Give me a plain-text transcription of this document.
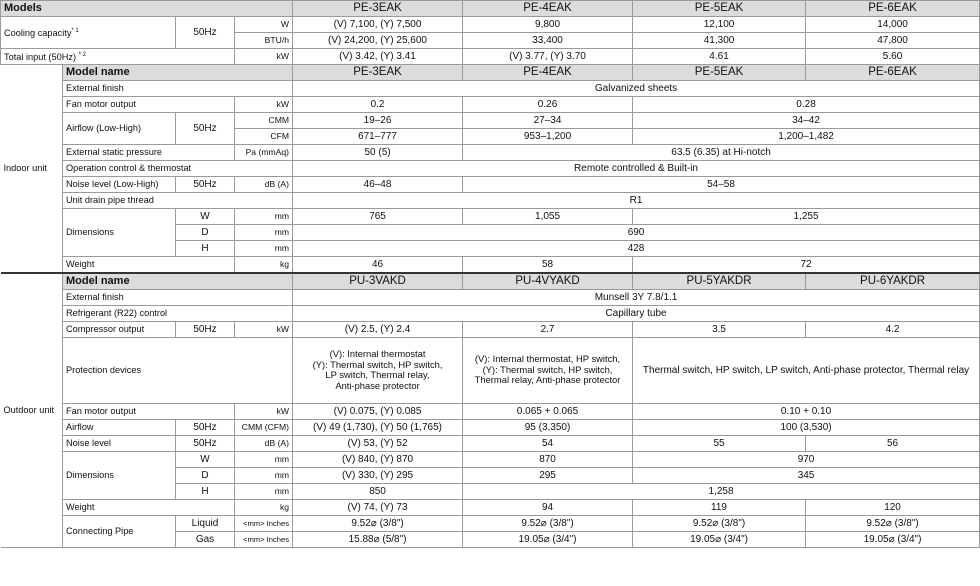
Models				PE-3EAK	PE-4EAK	PE-5EAK	PE-6EAK
Cooling capacity$^{* 1}$		50Hz	W	(V) 7,100, (Y) 7,500	9,800	12,100	14,000
			BTU/h	(V) 24,200, (Y) 25,600	33,400	41,300	47,800
Total input (50Hz) $^{* 2}$			kW	(V) 3.42, (Y) 3.41	(V) 3.77, (Y) 3.70	4.61	5.60
Indoor unit	Model name			PE-3EAK	PE-4EAK	PE-5EAK	PE-6EAK
	External finish			Galvanized sheets			
	Fan motor output		kW	0.2	0.26	0.28	
	Airflow (Low-High)	50Hz	CMM	19–26	27–34	34–42	
			CFM	671–777	953–1,200	1,200–1,482	
	External static pressure		Pa (mmAq)	50 (5)	63.5 (6.35) at Hi-notch		
	Operation control & thermostat			Remote controlled & Built-in			
	Noise level (Low-High)	50Hz	dB (A)	46–48	54–58		
	Unit drain pipe thread			R1			
	Dimensions	W	mm	765	1,055	1,255	
		D	mm	690			
		H	mm	428			
	Weight		kg	46	58	72	

Outdoor unit	Model name			PU-3VAKD	PU-4VYAKD	PU-5YAKDR	PU-6YAKDR
	External finish			Munsell 3Y 7.8/1.1			
	Refrigerant (R22) control			Capillary tube			
	Compressor output	50Hz	kW	(V) 2.5, (Y) 2.4	2.7	3.5	4.2
	Protection devices			(V): Internal thermostat
(Y): Thermal switch, HP switch,
LP switch, Thermal relay,
Anti-phase protector	(V): Internal thermostat, HP switch,
(Y): Thermal switch, HP switch,
Thermal relay, Anti-phase protector	Thermal switch, HP switch, LP switch, Anti-phase protector, Thermal relay	
	Fan motor output		kW	(V) 0.075, (Y) 0.085	0.065 + 0.065	0.10 + 0.10	
	Airflow	50Hz	CMM (CFM)	(V) 49 (1,730), (Y) 50 (1,765)	95 (3,350)	100 (3,530)	
	Noise level	50Hz	dB (A)	(V) 53, (Y) 52	54	55	56
	Dimensions	W	mm	(V) 840, (Y) 870	870	970	
		D	mm	(V) 330, (Y) 295	295	345	
		H	mm	850	1,258		
	Weight		kg	(V) 74, (Y) 73	94	119	120
	Connecting Pipe	Liquid	<mm> Inches	9.52⌀ (3/8")	9.52⌀ (3/8")	9.52⌀ (3/8")	9.52⌀ (3/8")
		Gas	<mm> Inches	15.88⌀ (5/8")	19.05⌀ (3/4")	19.05⌀ (3/4")	19.05⌀ (3/4")
